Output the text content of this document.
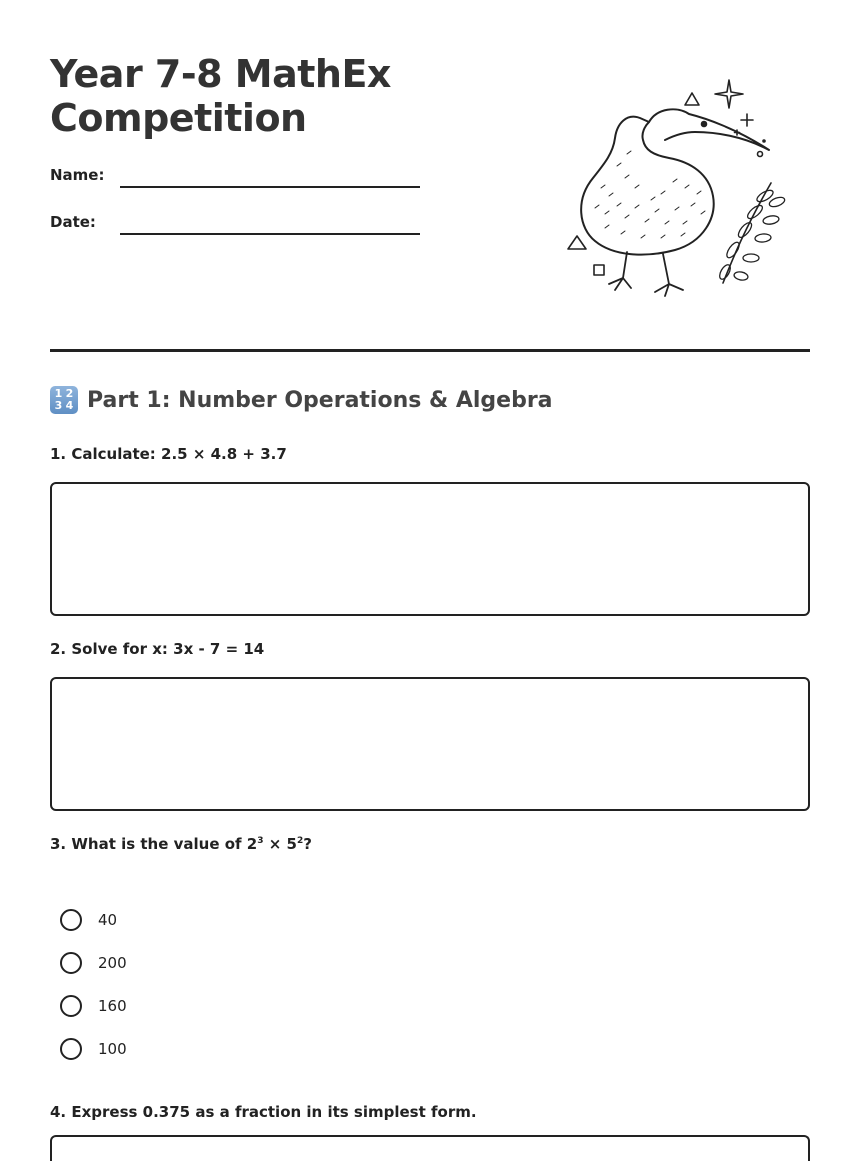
Year 7-8 MathEx
Competition
Name:
Date:
1 2
3 4 Part 1: Number Operations & Algebra
1. Calculate: 2.5 × 4.8 + 3.7
2. Solve for x: 3x - 7 = 14
3. What is the value of $2^3 \times 5^2$?
40
200
160
100
4. Express 0.375 as a fraction in its simplest form.
